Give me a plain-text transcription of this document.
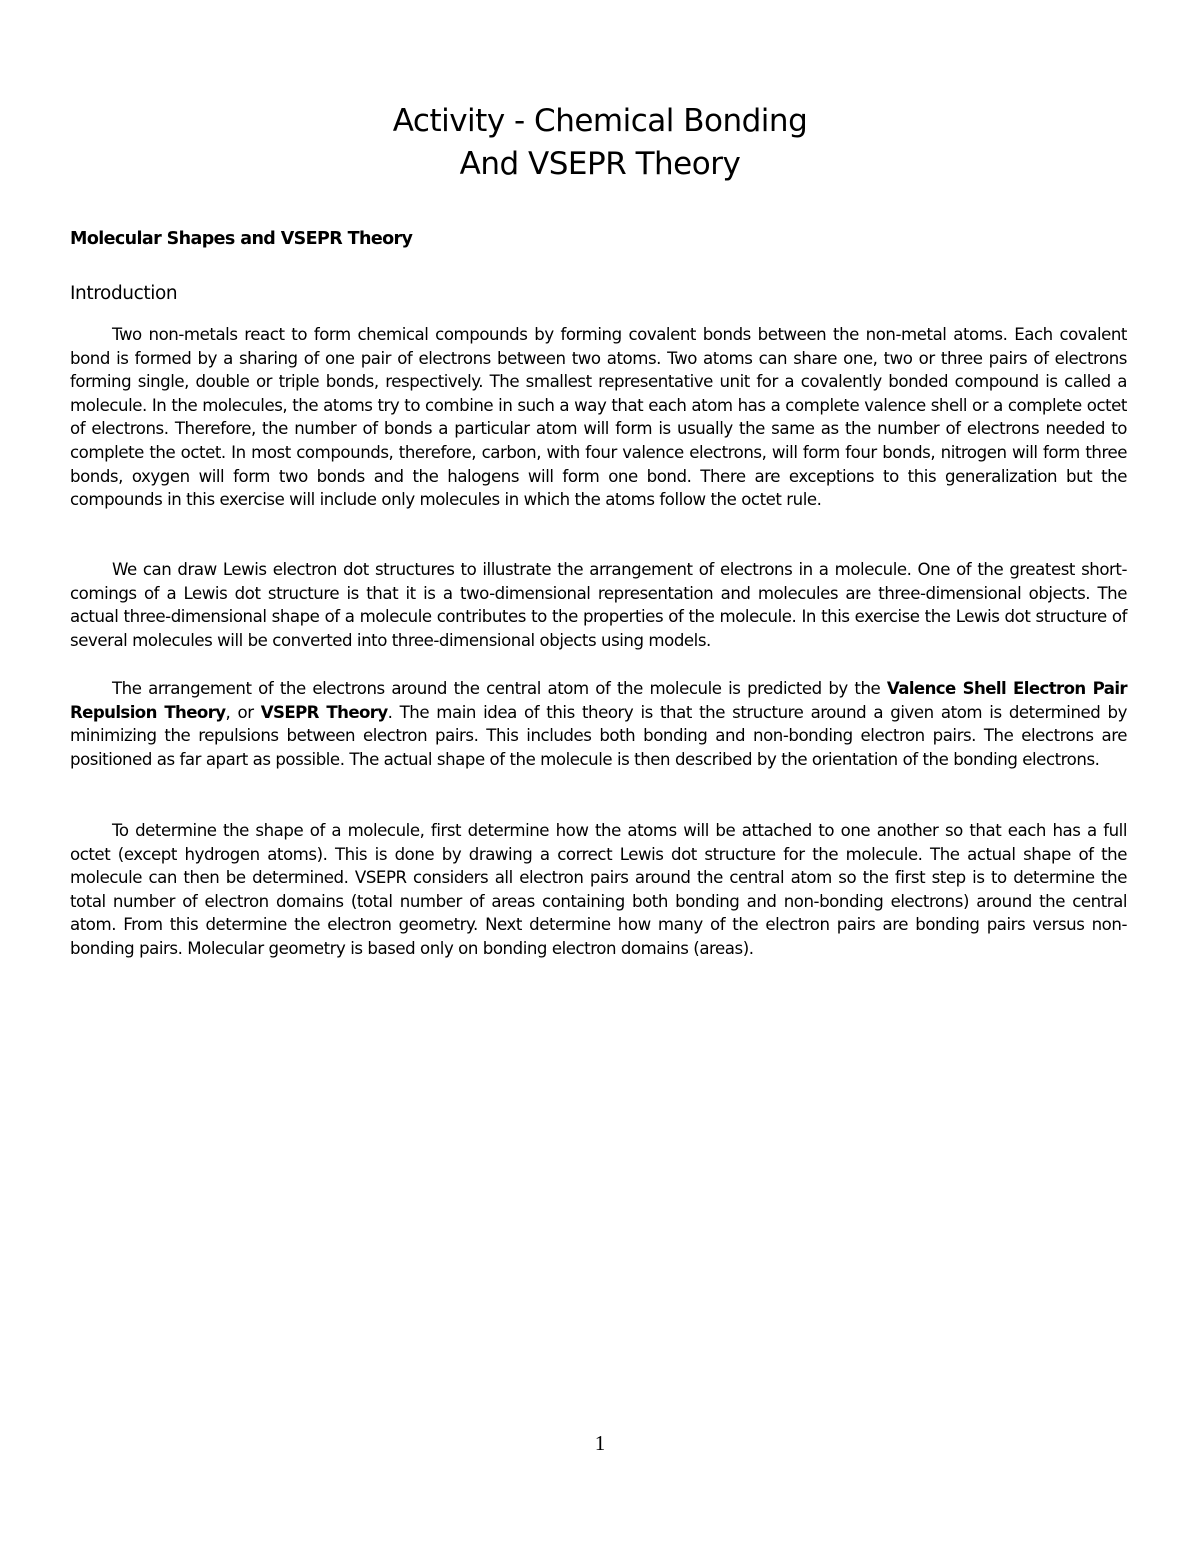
Activity - Chemical Bonding
And VSEPR Theory
Molecular Shapes and VSEPR Theory
Introduction

Two non-metals react to form chemical compounds by forming covalent bonds between the non-metal atoms. Each covalent bond is formed by a sharing of one pair of electrons between two atoms. Two atoms can share one, two or three pairs of electrons forming single, double or triple bonds, respectively. The smallest representative unit for a covalently bonded compound is called a molecule. In the molecules, the atoms try to combine in such a way that each atom has a complete valence shell or a complete octet of electrons. Therefore, the number of bonds a particular atom will form is usually the same as the number of electrons needed to complete the octet. In most compounds, therefore, carbon, with four valence electrons, will form four bonds, nitrogen will form three bonds, oxygen will form two bonds and the halogens will form one bond. There are exceptions to this generalization but the compounds in this exercise will include only molecules in which the atoms follow the octet rule.

We can draw Lewis electron dot structures to illustrate the arrangement of electrons in a molecule. One of the greatest short-comings of a Lewis dot structure is that it is a two-dimensional representation and molecules are three-dimensional objects. The actual three-dimensional shape of a molecule contributes to the properties of the molecule. In this exercise the Lewis dot structure of several molecules will be converted into three-dimensional objects using models.

The arrangement of the electrons around the central atom of the molecule is predicted by the Valence Shell Electron Pair Repulsion Theory, or VSEPR Theory. The main idea of this theory is that the structure around a given atom is determined by minimizing the repulsions between electron pairs. This includes both bonding and non-bonding electron pairs. The electrons are positioned as far apart as possible. The actual shape of the molecule is then described by the orientation of the bonding electrons.

To determine the shape of a molecule, first determine how the atoms will be attached to one another so that each has a full octet (except hydrogen atoms). This is done by drawing a correct Lewis dot structure for the molecule. The actual shape of the molecule can then be determined. VSEPR considers all electron pairs around the central atom so the first step is to determine the total number of electron domains (total number of areas containing both bonding and non-bonding electrons) around the central atom. From this determine the electron geometry. Next determine how many of the electron pairs are bonding pairs versus non-bonding pairs. Molecular geometry is based only on bonding electron domains (areas).

1
